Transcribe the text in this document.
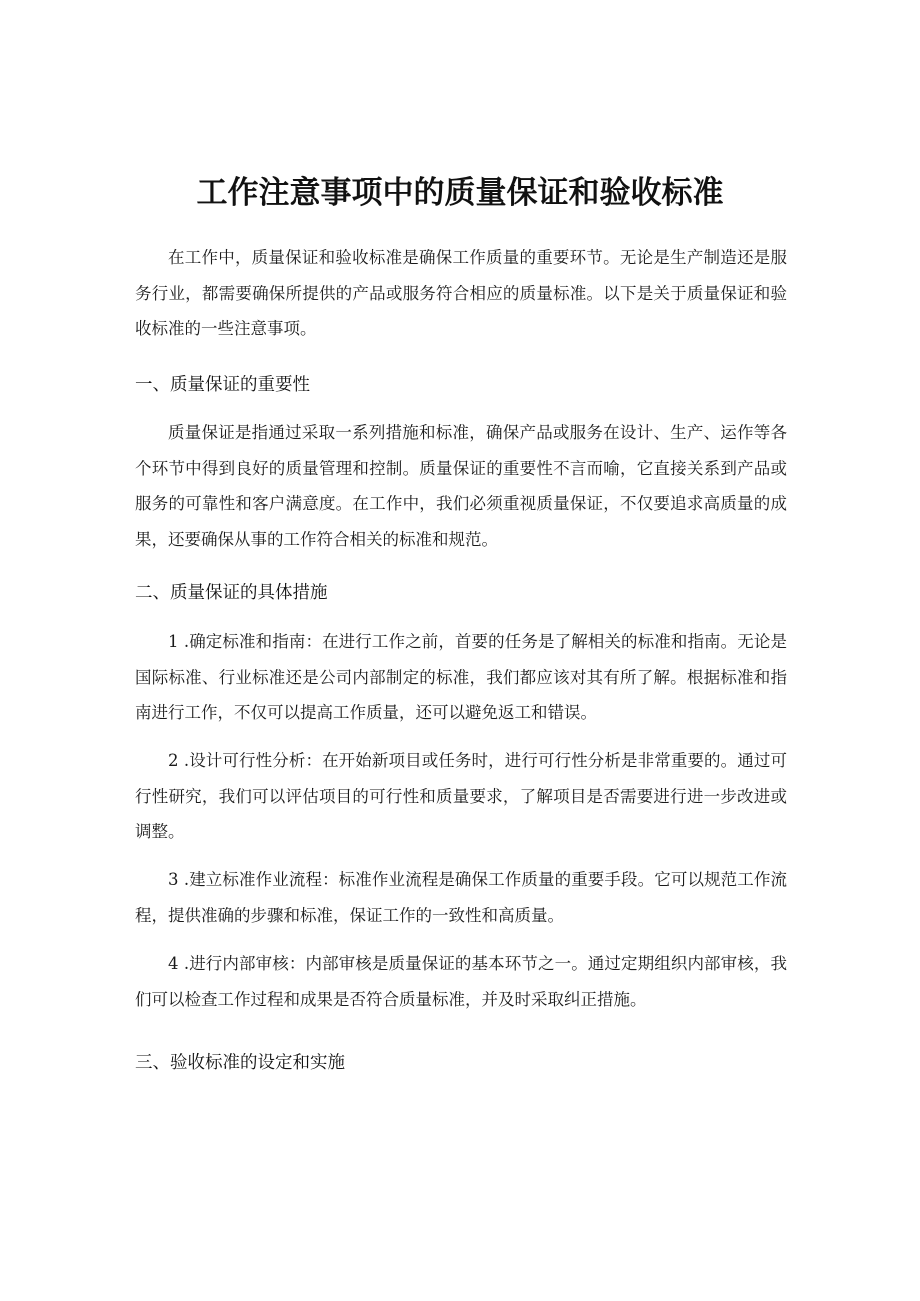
工作注意事项中的质量保证和验收标准

在工作中，质量保证和验收标准是确保工作质量的重要环节。无论是生产制造还是服务行业，都需要确保所提供的产品或服务符合相应的质量标准。以下是关于质量保证和验收标准的一些注意事项。

一、质量保证的重要性

质量保证是指通过采取一系列措施和标准，确保产品或服务在设计、生产、运作等各个环节中得到良好的质量管理和控制。质量保证的重要性不言而喻，它直接关系到产品或服务的可靠性和客户满意度。在工作中，我们必须重视质量保证，不仅要追求高质量的成果，还要确保从事的工作符合相关的标准和规范。

二、质量保证的具体措施

1 .确定标准和指南：在进行工作之前，首要的任务是了解相关的标准和指南。无论是国际标准、行业标准还是公司内部制定的标准，我们都应该对其有所了解。根据标准和指南进行工作，不仅可以提高工作质量，还可以避免返工和错误。

2 .设计可行性分析：在开始新项目或任务时，进行可行性分析是非常重要的。通过可行性研究，我们可以评估项目的可行性和质量要求，了解项目是否需要进行进一步改进或调整。

3 .建立标准作业流程：标准作业流程是确保工作质量的重要手段。它可以规范工作流程，提供准确的步骤和标准，保证工作的一致性和高质量。

4 .进行内部审核：内部审核是质量保证的基本环节之一。通过定期组织内部审核，我们可以检查工作过程和成果是否符合质量标准，并及时采取纠正措施。

三、验收标准的设定和实施
